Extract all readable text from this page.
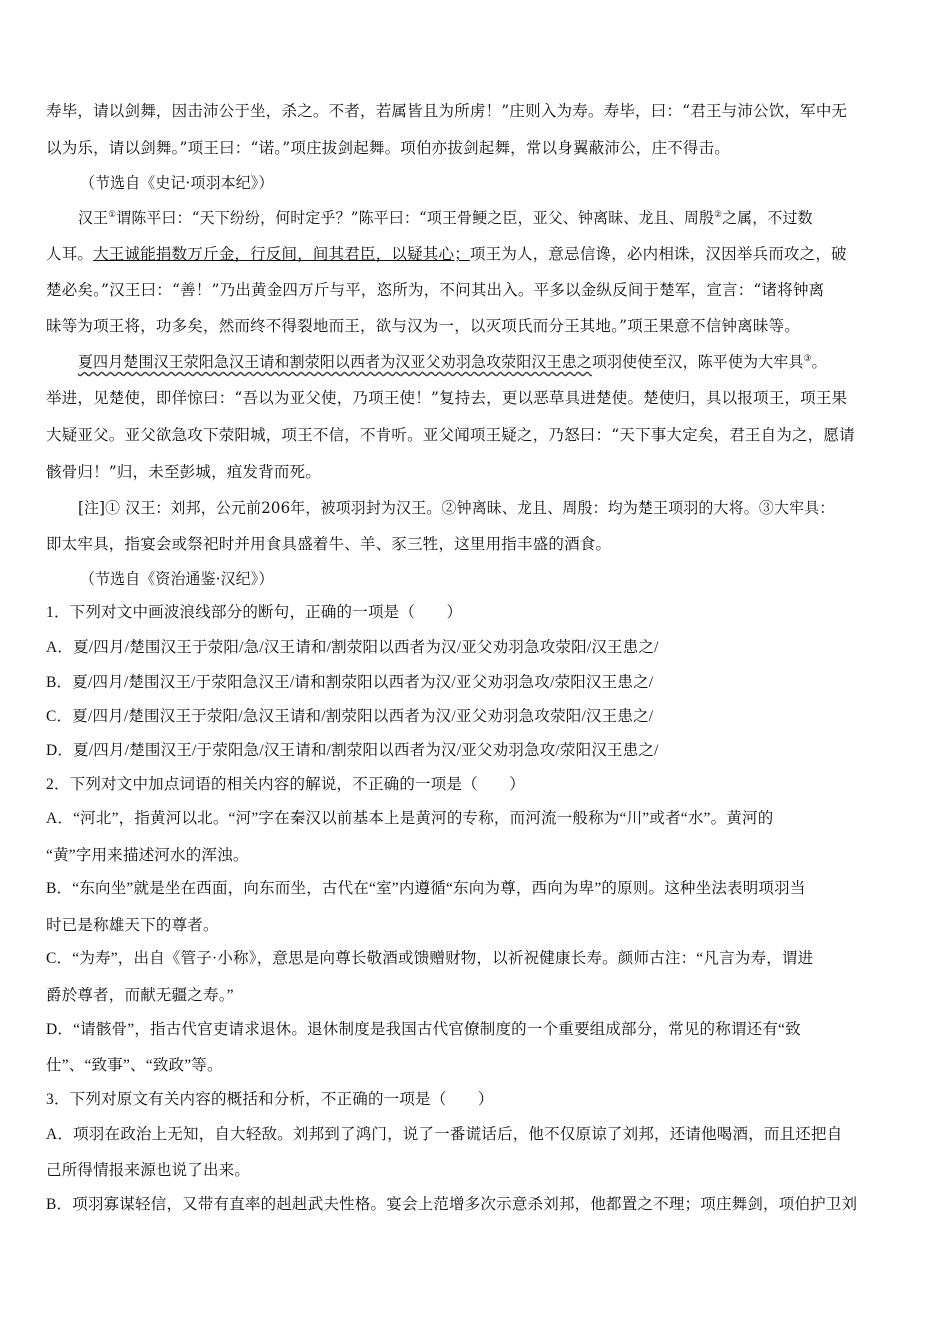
寿毕，请以剑舞，因击沛公于坐，杀之。不者，若属皆且为所虏！”庄则入为寿。寿毕，曰：“君王与沛公饮，军中无
以为乐，请以剑舞。”项王曰：“诺。”项庄拔剑起舞。项伯亦拔剑起舞，常以身翼蔽沛公，庄不得击。
（节选自《史记·项羽本纪》）
汉王①谓陈平曰：“天下纷纷，何时定乎？”陈平曰：“项王骨鲠之臣，亚父、钟离昧、龙且、周殷②之属，不过数
人耳。大王诚能捐数万斤金，行反间，间其君臣，以疑其心；项王为人，意忌信谗，必内相诛，汉因举兵而攻之，破
楚必矣。”汉王曰：“善！”乃出黄金四万斤与平，恣所为，不问其出入。平多以金纵反间于楚军，宣言：“诸将钟离
昧等为项王将，功多矣，然而终不得裂地而王，欲与汉为一，以灭项氏而分王其地。”项王果意不信钟离昧等。
夏四月楚围汉王荥阳急汉王请和割荥阳以西者为汉亚父劝羽急攻荥阳汉王患之项羽使使至汉，陈平使为大牢具③。
举进，见楚使，即佯惊曰：“吾以为亚父使，乃项王使！”复持去，更以恶草具进楚使。楚使归，具以报项王，项王果
大疑亚父。亚父欲急攻下荥阳城，项王不信，不肯听。亚父闻项王疑之，乃怒曰：“天下事大定矣，君王自为之，愿请
骸骨归！”归，未至彭城，疽发背而死。
[注]① 汉王：刘邦，公元前206年，被项羽封为汉王。②钟离昧、龙且、周殷：均为楚王项羽的大将。③大牢具：
即太牢具，指宴会或祭祀时并用食具盛着牛、羊、豕三牲，这里用指丰盛的酒食。
（节选自《资治通鉴·汉纪》）
1．下列对文中画波浪线部分的断句，正确的一项是（　　）
A．夏/四月/楚围汉王于荥阳/急/汉王请和/割荥阳以西者为汉/亚父劝羽急攻荥阳/汉王患之/
B．夏/四月/楚围汉王/于荥阳急汉王/请和割荥阳以西者为汉/亚父劝羽急攻/荥阳汉王患之/
C．夏/四月/楚围汉王于荥阳/急汉王请和/割荥阳以西者为汉/亚父劝羽急攻荥阳/汉王患之/
D．夏/四月/楚围汉王/于荥阳急/汉王请和/割荥阳以西者为汉/亚父劝羽急攻/荥阳汉王患之/
2．下列对文中加点词语的相关内容的解说，不正确的一项是（　　）
A．“河北”，指黄河以北。“河”字在秦汉以前基本上是黄河的专称，而河流一般称为“川”或者“水”。黄河的
“黄”字用来描述河水的浑浊。
B．“东向坐”就是坐在西面，向东而坐，古代在“室”内遵循“东向为尊，西向为卑”的原则。这种坐法表明项羽当
时已是称雄天下的尊者。
C．“为寿”，出自《管子·小称》，意思是向尊长敬酒或馈赠财物，以祈祝健康长寿。颜师古注：“凡言为寿，谓进
爵於尊者，而献无疆之寿。”
D．“请骸骨”，指古代官吏请求退休。退休制度是我国古代官僚制度的一个重要组成部分，常见的称谓还有“致
仕”、“致事”、“致政”等。
3．下列对原文有关内容的概括和分析，不正确的一项是（　　）
A．项羽在政治上无知，自大轻敌。刘邦到了鸿门，说了一番谎话后，他不仅原谅了刘邦，还请他喝酒，而且还把自
己所得情报来源也说了出来。
B．项羽寡谋轻信，又带有直率的赳赳武夫性格。宴会上范增多次示意杀刘邦，他都置之不理；项庄舞剑，项伯护卫刘
